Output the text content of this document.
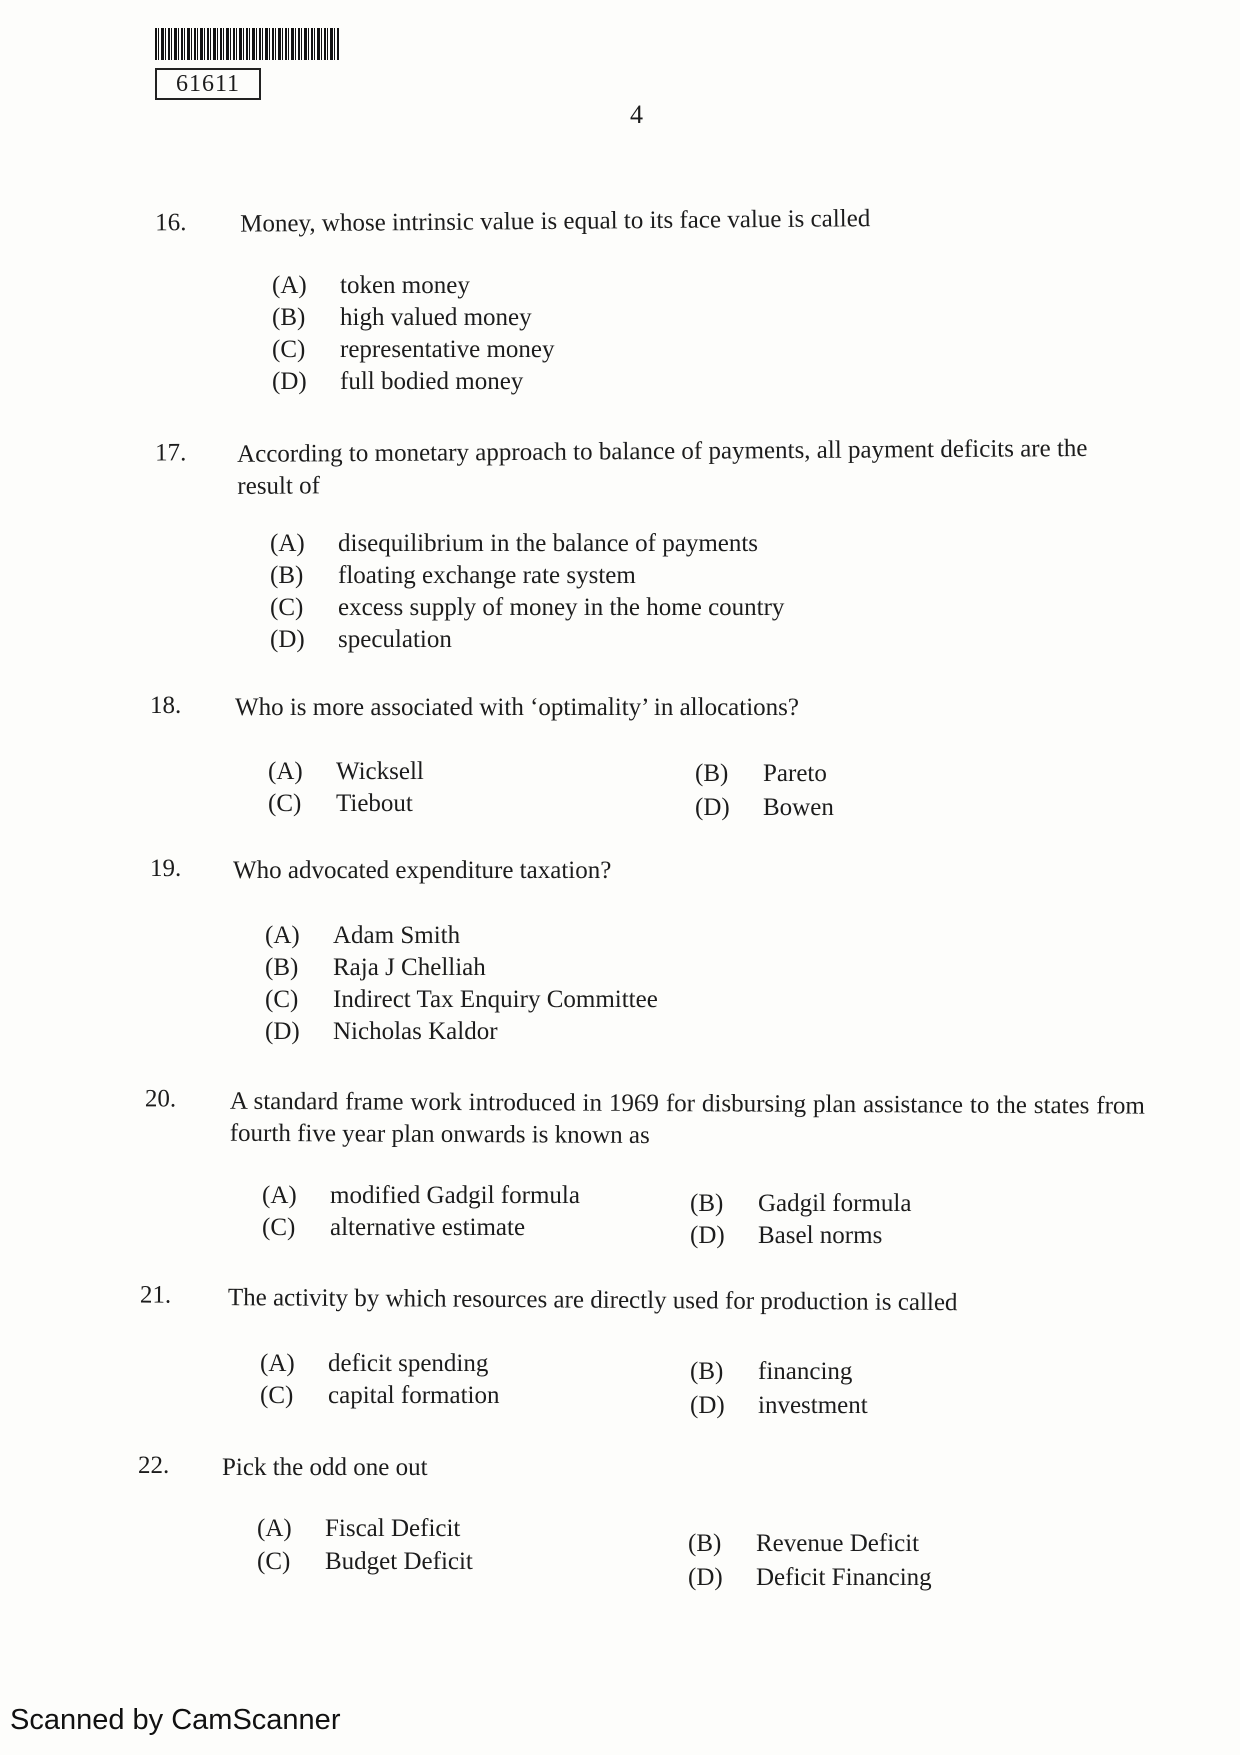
61611
4
16. Money, whose intrinsic value is equal to its face value is called
(A) token money
(B) high valued money
(C) representative money
(D) full bodied money
17. According to monetary approach to balance of payments, all payment deficits are the result of
(A) disequilibrium in the balance of payments
(B) floating exchange rate system
(C) excess supply of money in the home country
(D) speculation
18. Who is more associated with ‘optimality’ in allocations?
(A) Wicksell	(B) Pareto
(C) Tiebout	(D) Bowen
19. Who advocated expenditure taxation?
(A) Adam Smith
(B) Raja J Chelliah
(C) Indirect Tax Enquiry Committee
(D) Nicholas Kaldor
20. A standard frame work introduced in 1969 for disbursing plan assistance to the states from fourth five year plan onwards is known as
(A) modified Gadgil formula	(B) Gadgil formula
(C) alternative estimate	(D) Basel norms
21. The activity by which resources are directly used for production is called
(A) deficit spending	(B) financing
(C) capital formation	(D) investment
22. Pick the odd one out
(A) Fiscal Deficit
(B) Revenue Deficit
(C) Budget Deficit
(D) Deficit Financing
Scanned by CamScanner
